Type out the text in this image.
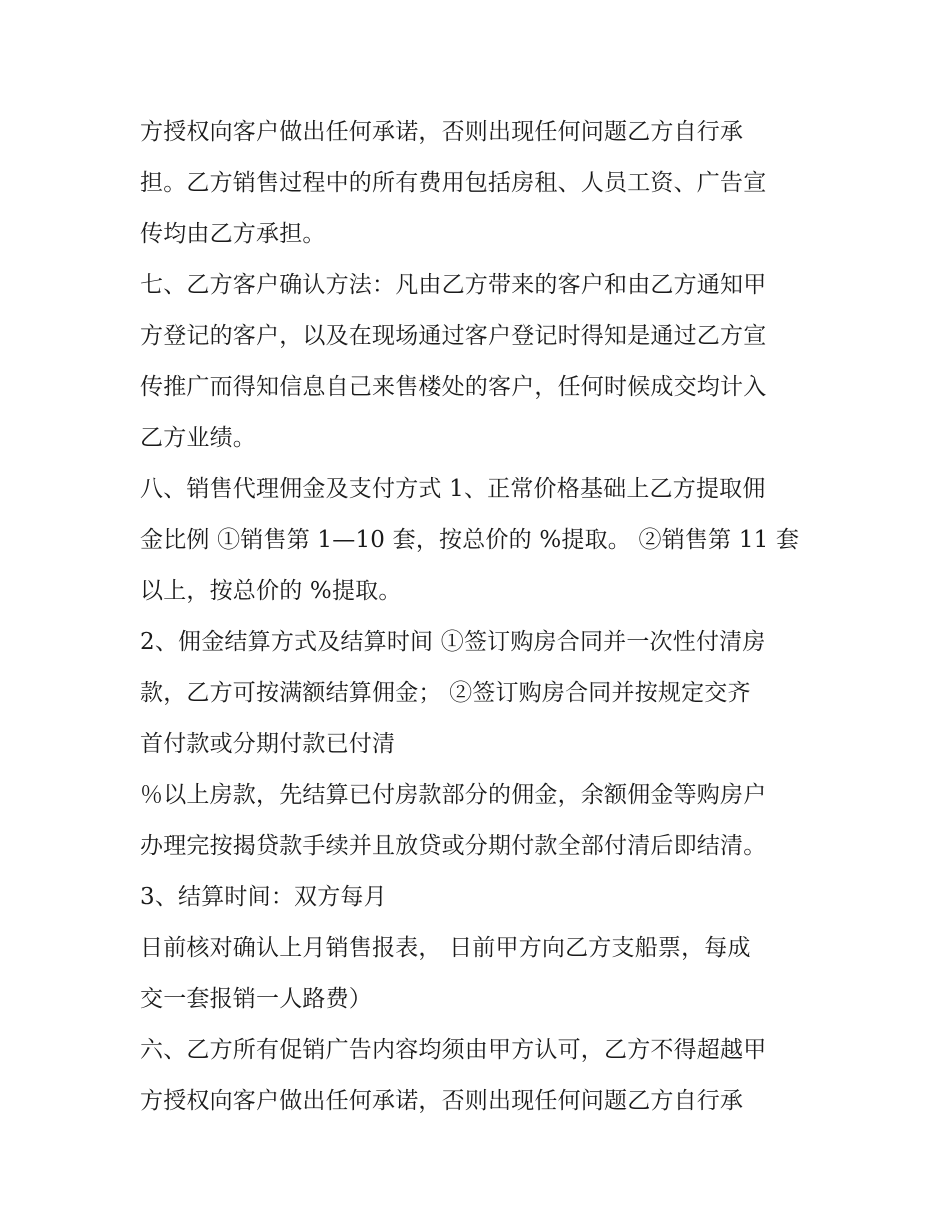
方授权向客户做出任何承诺，否则出现任何问题乙方自行承
担。乙方销售过程中的所有费用包括房租、人员工资、广告宣
传均由乙方承担。
七、乙方客户确认方法：凡由乙方带来的客户和由乙方通知甲
方登记的客户，以及在现场通过客户登记时得知是通过乙方宣
传推广而得知信息自己来售楼处的客户，任何时候成交均计入
乙方业绩。
八、销售代理佣金及支付方式 1、正常价格基础上乙方提取佣
金比例 ①销售第 1—10 套，按总价的 %提取。 ②销售第 11 套
以上，按总价的 %提取。
2、佣金结算方式及结算时间 ①签订购房合同并一次性付清房
款，乙方可按满额结算佣金； ②签订购房合同并按规定交齐
首付款或分期付款已付清
％以上房款，先结算已付房款部分的佣金，余额佣金等购房户
办理完按揭贷款手续并且放贷或分期付款全部付清后即结清。
3、结算时间：双方每月
日前核对确认上月销售报表， 日前甲方向乙方支船票，每成
交一套报销一人路费）
六、乙方所有促销广告内容均须由甲方认可，乙方不得超越甲
方授权向客户做出任何承诺，否则出现任何问题乙方自行承
